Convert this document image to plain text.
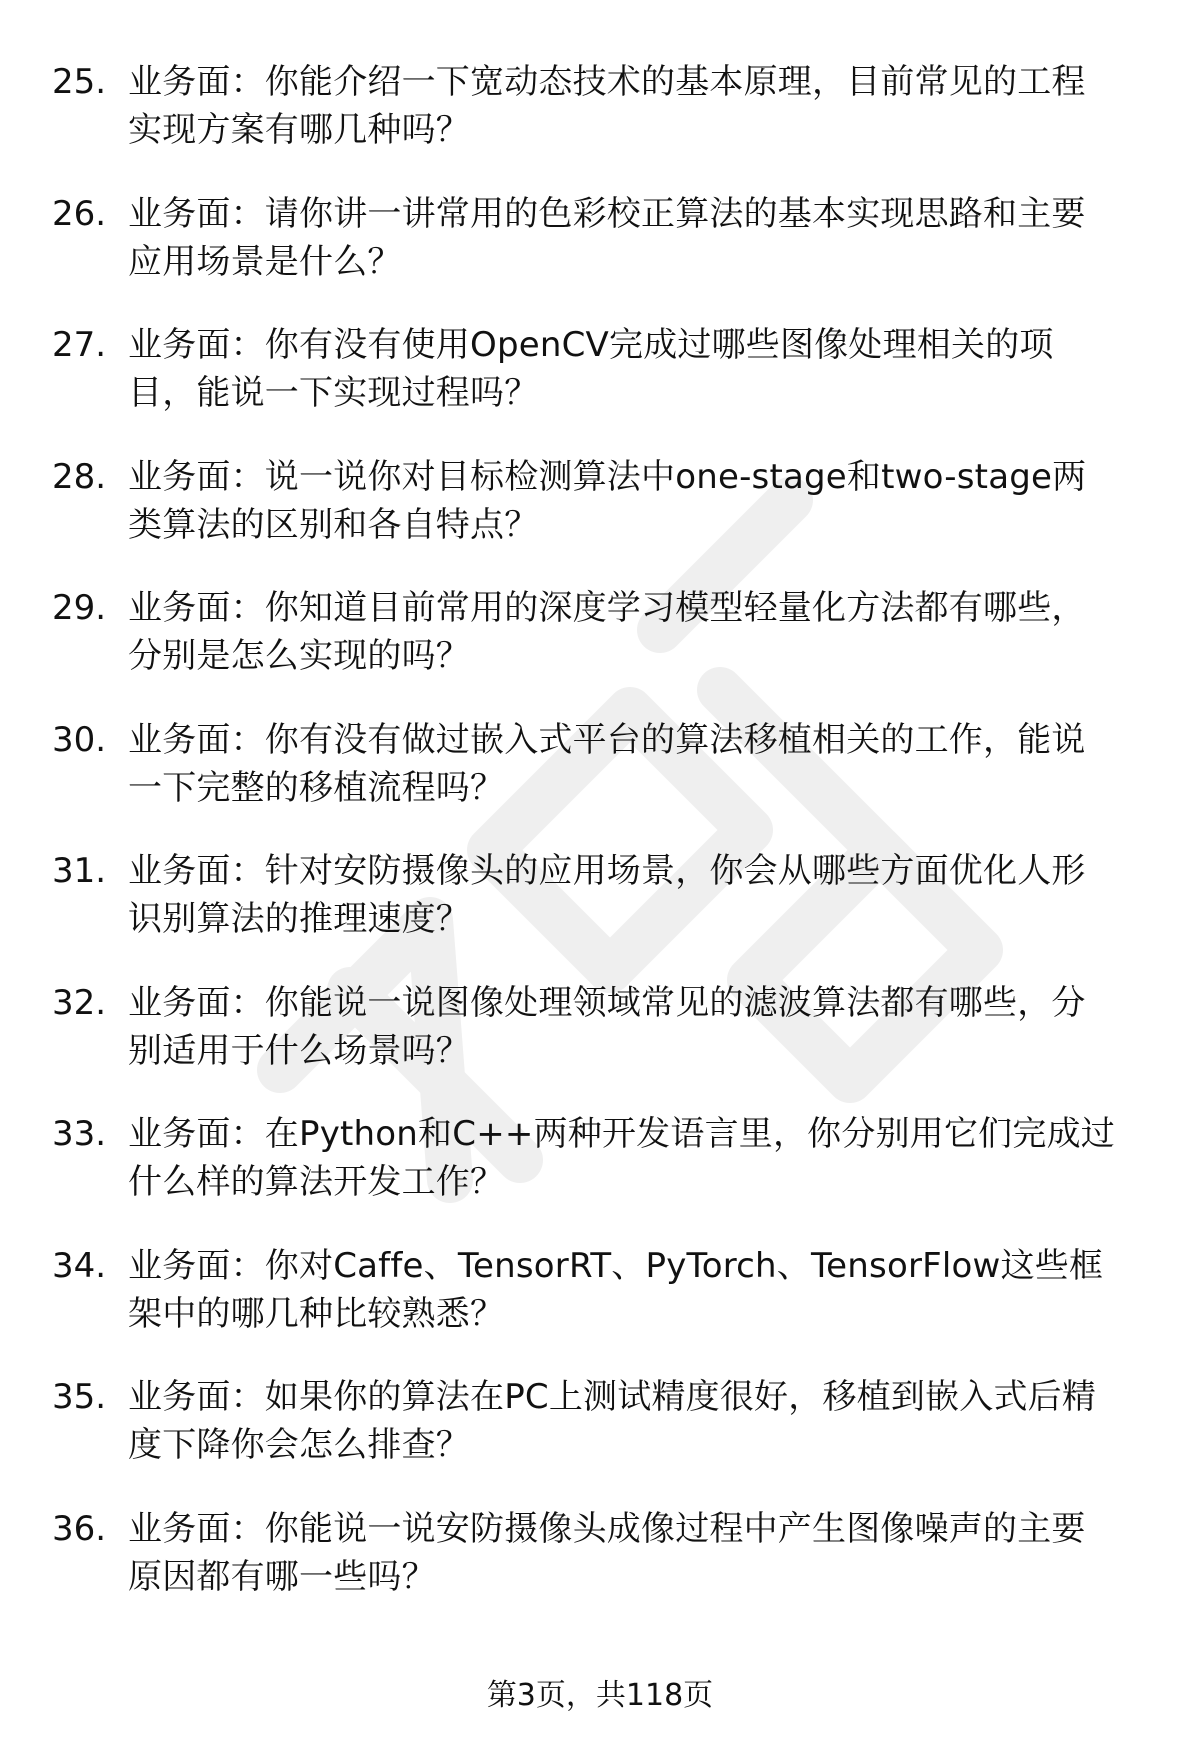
25. 业务面：你能介绍一下宽动态技术的基本原理，目前常见的工程
实现方案有哪几种吗？
26. 业务面：请你讲一讲常用的色彩校正算法的基本实现思路和主要
应用场景是什么？
27. 业务面：你有没有使用OpenCV完成过哪些图像处理相关的项
目，能说一下实现过程吗？
28. 业务面：说一说你对目标检测算法中one-stage和two-stage两
类算法的区别和各自特点？
29. 业务面：你知道目前常用的深度学习模型轻量化方法都有哪些，
分别是怎么实现的吗？
30. 业务面：你有没有做过嵌入式平台的算法移植相关的工作，能说
一下完整的移植流程吗？
31. 业务面：针对安防摄像头的应用场景，你会从哪些方面优化人形
识别算法的推理速度？
32. 业务面：你能说一说图像处理领域常见的滤波算法都有哪些，分
别适用于什么场景吗？
33. 业务面：在Python和C++两种开发语言里，你分别用它们完成过
什么样的算法开发工作？
34. 业务面：你对Caffe、TensorRT、PyTorch、TensorFlow这些框
架中的哪几种比较熟悉？
35. 业务面：如果你的算法在PC上测试精度很好，移植到嵌入式后精
度下降你会怎么排查？
36. 业务面：你能说一说安防摄像头成像过程中产生图像噪声的主要
原因都有哪一些吗？
第3页，共118页
